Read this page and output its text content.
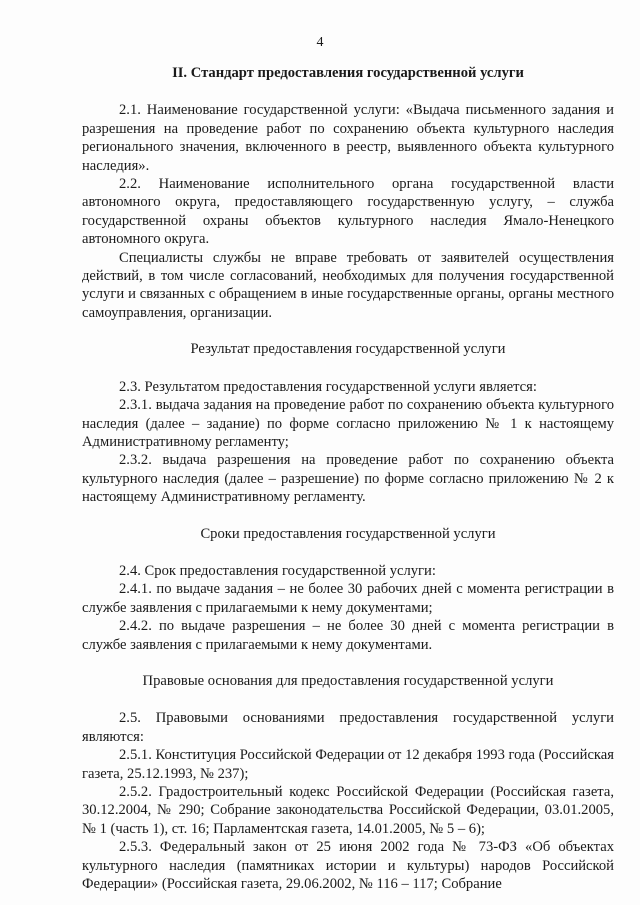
4
II. Стандарт предоставления государственной услуги

2.1. Наименование государственной услуги: «Выдача письменного задания и разрешения на проведение работ по сохранению объекта культурного наследия регионального значения, включенного в реестр, выявленного объекта культурного наследия».

2.2. Наименование исполнительного органа государственной власти автономного округа, предоставляющего государственную услугу, – служба государственной охраны объектов культурного наследия Ямало-Ненецкого автономного округа.

Специалисты службы не вправе требовать от заявителей осуществления действий, в том числе согласований, необходимых для получения государственной услуги и связанных с обращением в иные государственные органы, органы местного самоуправления, организации.

Результат предоставления государственной услуги

2.3. Результатом предоставления государственной услуги является:

2.3.1. выдача задания на проведение работ по сохранению объекта культурного наследия (далее – задание) по форме согласно приложению № 1 к настоящему Административному регламенту;

2.3.2. выдача разрешения на проведение работ по сохранению объекта культурного наследия (далее – разрешение) по форме согласно приложению № 2 к настоящему Административному регламенту.

Сроки предоставления государственной услуги

2.4. Срок предоставления государственной услуги:

2.4.1. по выдаче задания – не более 30 рабочих дней с момента регистрации в службе заявления с прилагаемыми к нему документами;

2.4.2. по выдаче разрешения – не более 30 дней с момента регистрации в службе заявления с прилагаемыми к нему документами.

Правовые основания для предоставления государственной услуги

2.5. Правовыми основаниями предоставления государственной услуги являются:

2.5.1. Конституция Российской Федерации от 12 декабря 1993 года (Российская газета, 25.12.1993, № 237);

2.5.2. Градостроительный кодекс Российской Федерации (Российская газета, 30.12.2004, № 290; Собрание законодательства Российской Федерации, 03.01.2005, № 1 (часть 1), ст. 16; Парламентская газета, 14.01.2005, № 5 – 6);

2.5.3. Федеральный закон от 25 июня 2002 года № 73-ФЗ «Об объектах культурного наследия (памятниках истории и культуры) народов Российской Федерации» (Российская газета, 29.06.2002, № 116 – 117; Собрание
